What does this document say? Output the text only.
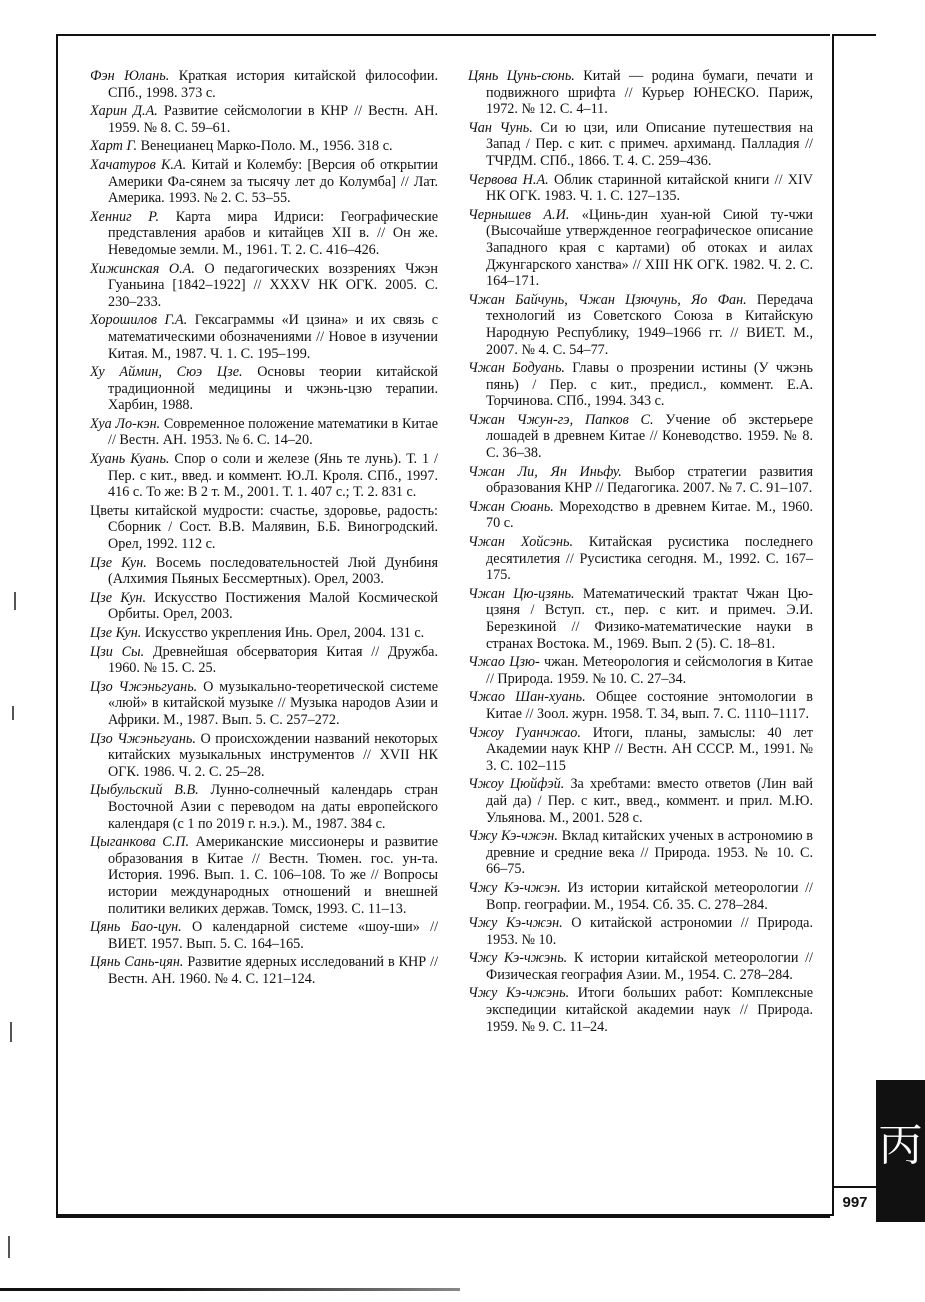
丙
997
Фэн Юлань. Краткая история китайской философии. СПб., 1998. 373 с.
Харин Д.А. Развитие сейсмологии в КНР // Вестн. АН. 1959. № 8. С. 59–61.
Харт Г. Венецианец Марко-Поло. М., 1956. 318 с.
Хачатуров К.А. Китай и Колембу: [Версия об открытии Америки Фа-сянем за тысячу лет до Колумба] // Лат. Америка. 1993. № 2. С. 53–55.
Хенниг Р. Карта мира Идриси: Географические представления арабов и китайцев XII в. // Он же. Неведомые земли. М., 1961. Т. 2. С. 416–426.
Хижинская О.А. О педагогических воззрениях Чжэн Гуаньина [1842–1922] // XXXV НК ОГК. 2005. С. 230–233.
Хорошилов Г.А. Гексаграммы «И цзина» и их связь с математическими обозначениями // Новое в изучении Китая. М., 1987. Ч. 1. С. 195–199.
Ху Аймин, Сюэ Цзе. Основы теории китайской традиционной медицины и чжэнь-цзю терапии. Харбин, 1988.
Хуа Ло-кэн. Современное положение математики в Китае // Вестн. АН. 1953. № 6. С. 14–20.
Хуань Куань. Спор о соли и железе (Янь те лунь). Т. 1 / Пер. с кит., введ. и коммент. Ю.Л. Кроля. СПб., 1997. 416 с. То же: В 2 т. М., 2001. Т. 1. 407 с.; Т. 2. 831 с.
Цветы китайской мудрости: счастье, здоровье, радость: Сборник / Сост. В.В. Малявин, Б.Б. Виногродский. Орел, 1992. 112 с.
Цзе Кун. Восемь последовательностей Люй Дунбиня (Алхимия Пьяных Бессмертных). Орел, 2003.
Цзе Кун. Искусство Постижения Малой Космической Орбиты. Орел, 2003.
Цзе Кун. Искусство укрепления Инь. Орел, 2004. 131 с.
Цзи Сы. Древнейшая обсерватория Китая // Дружба. 1960. № 15. С. 25.
Цзо Чжэньгуань. О музыкально-теоретической системе «люй» в китайской музыке // Музыка народов Азии и Африки. М., 1987. Вып. 5. С. 257–272.
Цзо Чжэньгуань. О происхождении названий некоторых китайских музыкальных инструментов // XVII НК ОГК. 1986. Ч. 2. С. 25–28.
Цыбульский В.В. Лунно-солнечный календарь стран Восточной Азии с переводом на даты европейского календаря (с 1 по 2019 г. н.э.). М., 1987. 384 с.
Цыганкова С.П. Американские миссионеры и развитие образования в Китае // Вестн. Тюмен. гос. ун-та. История. 1996. Вып. 1. С. 106–108. То же // Вопросы истории международных отношений и внешней политики великих держав. Томск, 1993. С. 11–13.
Цянь Бао-цун. О календарной системе «шоу-ши» // ВИЕТ. 1957. Вып. 5. С. 164–165.
Цянь Сань-цян. Развитие ядерных исследований в КНР // Вестн. АН. 1960. № 4. С. 121–124.
Цянь Цунь-сюнь. Китай — родина бумаги, печати и подвижного шрифта // Курьер ЮНЕСКО. Париж, 1972. № 12. С. 4–11.
Чан Чунь. Си ю цзи, или Описание путешествия на Запад / Пер. с кит. с примеч. архиманд. Палладия // ТЧРДМ. СПб., 1866. Т. 4. С. 259–436.
Червова Н.А. Облик старинной китайской книги // XIV НК ОГК. 1983. Ч. 1. С. 127–135.
Чернышев А.И. «Цинь-дин хуан-юй Сиюй ту-чжи (Высочайше утвержденное географическое описание Западного края с картами) об отоках и аилах Джунгарского ханства» // XIII НК ОГК. 1982. Ч. 2. С. 164–171.
Чжан Байчунь, Чжан Цзючунь, Яо Фан. Передача технологий из Советского Союза в Китайскую Народную Республику, 1949–1966 гг. // ВИЕТ. М., 2007. № 4. С. 54–77.
Чжан Бодуань. Главы о прозрении истины (У чжэнь пянь) / Пер. с кит., предисл., коммент. Е.А. Торчинова. СПб., 1994. 343 с.
Чжан Чжун-гэ, Папков С. Учение об экстерьере лошадей в древнем Китае // Коневодство. 1959. № 8. С. 36–38.
Чжан Ли, Ян Иньфу. Выбор стратегии развития образования КНР // Педагогика. 2007. № 7. С. 91–107.
Чжан Сюань. Мореходство в древнем Китае. М., 1960. 70 с.
Чжан Хойсэнь. Китайская русистика последнего десятилетия // Русистика сегодня. М., 1992. С. 167–175.
Чжан Цю-цзянь. Математический трактат Чжан Цю-цзяня / Вступ. ст., пер. с кит. и примеч. Э.И. Березкиной // Физико-математические науки в странах Востока. М., 1969. Вып. 2 (5). С. 18–81.
Чжао Цзю- чжан. Метеорология и сейсмология в Китае // Природа. 1959. № 10. С. 27–34.
Чжао Шан-хуань. Общее состояние энтомологии в Китае // Зоол. журн. 1958. Т. 34, вып. 7. С. 1110–1117.
Чжоу Гуанчжао. Итоги, планы, замыслы: 40 лет Академии наук КНР // Вестн. АН СССР. М., 1991. № 3. С. 102–115
Чжоу Цюйфэй. За хребтами: вместо ответов (Лин вай дай да) / Пер. с кит., введ., коммент. и прил. М.Ю. Ульянова. М., 2001. 528 с.
Чжу Кэ-чжэн. Вклад китайских ученых в астрономию в древние и средние века // Природа. 1953. № 10. С. 66–75.
Чжу Кэ-чжэн. Из истории китайской метеорологии // Вопр. географии. М., 1954. Сб. 35. С. 278–284.
Чжу Кэ-чжэн. О китайской астрономии // Природа. 1953. № 10.
Чжу Кэ-чжэнь. К истории китайской метеорологии // Физическая география Азии. М., 1954. С. 278–284.
Чжу Кэ-чжэнь. Итоги больших работ: Комплексные экспедиции китайской академии наук // Природа. 1959. № 9. С. 11–24.
